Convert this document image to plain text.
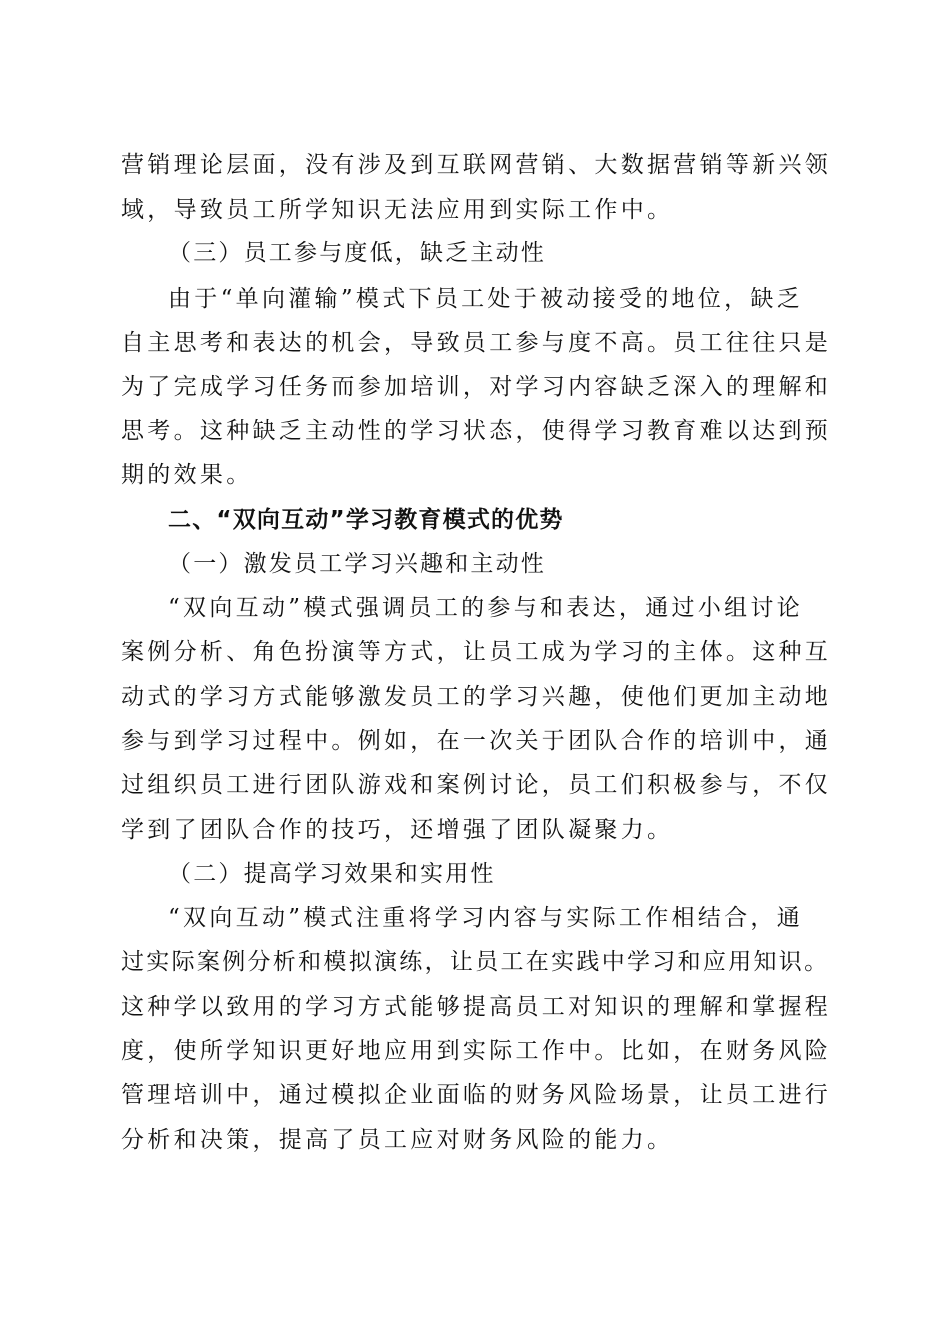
营销理论层面，没有涉及到互联网营销、大数据营销等新兴领
域，导致员工所学知识无法应用到实际工作中。
（三）员工参与度低，缺乏主动性
由于“单向灌输”模式下员工处于被动接受的地位，缺乏
自主思考和表达的机会，导致员工参与度不高。员工往往只是
为了完成学习任务而参加培训，对学习内容缺乏深入的理解和
思考。这种缺乏主动性的学习状态，使得学习教育难以达到预
期的效果。
二、“双向互动”学习教育模式的优势
（一）激发员工学习兴趣和主动性
“双向互动”模式强调员工的参与和表达，通过小组讨论
案例分析、角色扮演等方式，让员工成为学习的主体。这种互
动式的学习方式能够激发员工的学习兴趣，使他们更加主动地
参与到学习过程中。例如，在一次关于团队合作的培训中，通
过组织员工进行团队游戏和案例讨论，员工们积极参与，不仅
学到了团队合作的技巧，还增强了团队凝聚力。
（二）提高学习效果和实用性
“双向互动”模式注重将学习内容与实际工作相结合，通
过实际案例分析和模拟演练，让员工在实践中学习和应用知识。
这种学以致用的学习方式能够提高员工对知识的理解和掌握程
度，使所学知识更好地应用到实际工作中。比如，在财务风险
管理培训中，通过模拟企业面临的财务风险场景，让员工进行
分析和决策，提高了员工应对财务风险的能力。
